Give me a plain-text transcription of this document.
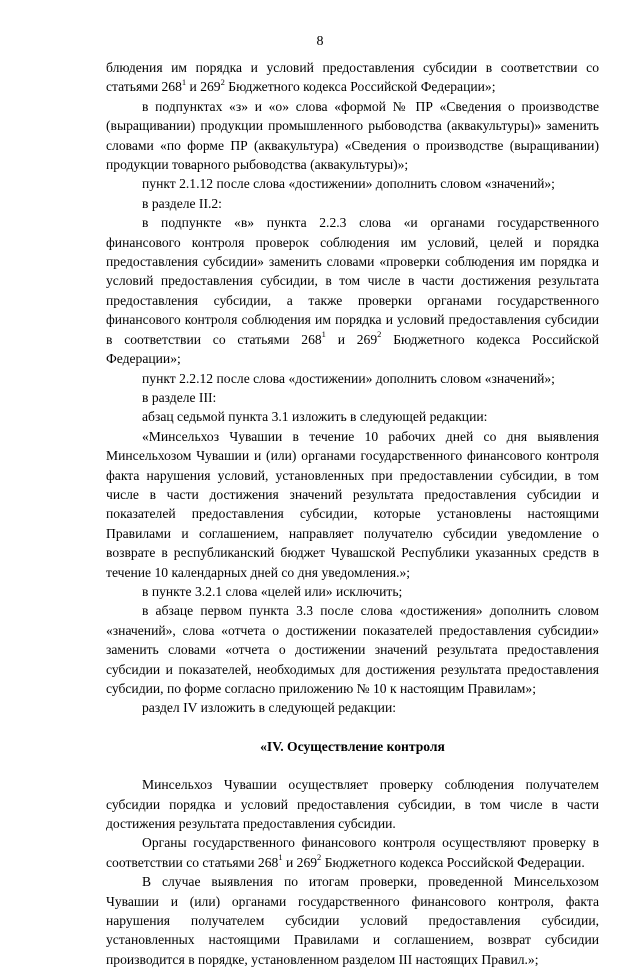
8

блюдения им порядка и условий предоставления субсидии в соответствии со статьями $268^1$ и $269^2$ Бюджетного кодекса Российской Федерации»;

в подпунктах «з» и «о» слова «формой № ПР «Сведения о производстве (выращивании) продукции промышленного рыбоводства (аквакультуры)» заменить словами «по форме ПР (аквакультура) «Сведения о производстве (выращивании) продукции товарного рыбоводства (аквакультуры)»;

пункт 2.1.12 после слова «достижении» дополнить словом «значений»;

в разделе II.2:

в подпункте «в» пункта 2.2.3 слова «и органами государственного финансового контроля проверок соблюдения им условий, целей и порядка предоставления субсидии» заменить словами «проверки соблюдения им порядка и условий предоставления субсидии, в том числе в части достижения результата предоставления субсидии, а также проверки органами государственного финансового контроля соблюдения им порядка и условий предоставления субсидии в соответствии со статьями $268^1$ и $269^2$ Бюджетного кодекса Российской Федерации»;

пункт 2.2.12 после слова «достижении» дополнить словом «значений»;

в разделе III:

абзац седьмой пункта 3.1 изложить в следующей редакции:

«Минсельхоз Чувашии в течение 10 рабочих дней со дня выявления Минсельхозом Чувашии и (или) органами государственного финансового контроля факта нарушения условий, установленных при предоставлении субсидии, в том числе в части достижения значений результата предоставления субсидии и показателей предоставления субсидии, которые установлены настоящими Правилами и соглашением, направляет получателю субсидии уведомление о возврате в республиканский бюджет Чувашской Республики указанных средств в течение 10 календарных дней со дня уведомления.»;

в пункте 3.2.1 слова «целей или» исключить;

в абзаце первом пункта 3.3 после слова «достижения» дополнить словом «значений», слова «отчета о достижении показателей предоставления субсидии» заменить словами «отчета о достижении значений результата предоставления субсидии и показателей, необходимых для достижения результата предоставления субсидии, по форме согласно приложению № 10 к настоящим Правилам»;

раздел IV изложить в следующей редакции:

«IV. Осуществление контроля

Минсельхоз Чувашии осуществляет проверку соблюдения получателем субсидии порядка и условий предоставления субсидии, в том числе в части достижения результата предоставления субсидии.

Органы государственного финансового контроля осуществляют проверку в соответствии со статьями $268^1$ и $269^2$ Бюджетного кодекса Российской Федерации.

В случае выявления по итогам проверки, проведенной Минсельхозом Чувашии и (или) органами государственного финансового контроля, факта нарушения получателем субсидии условий предоставления субсидии, установленных настоящими Правилами и соглашением, возврат субсидии производится в порядке, установленном разделом III настоящих Правил.»;
